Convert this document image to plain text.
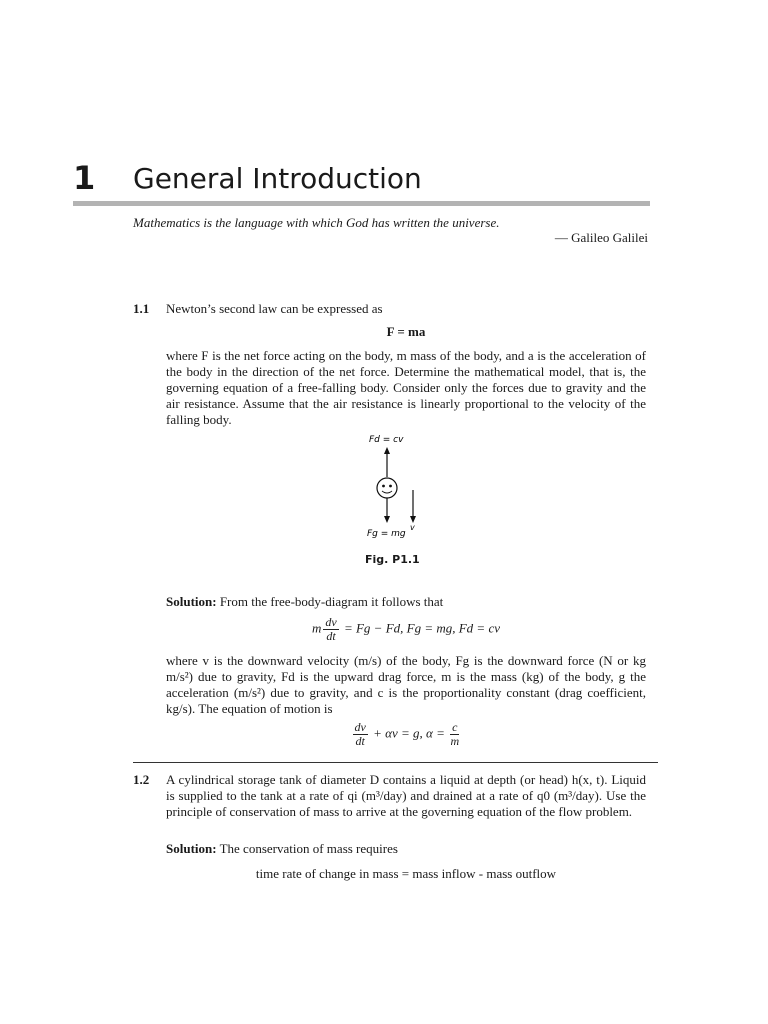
1 General Introduction
Mathematics is the language with which God has written the universe.
— Galileo Galilei
1.1 Newton’s second law can be expressed as
F = ma
where F is the net force acting on the body, m mass of the body, and a is the acceleration of the body in the direction of the net force. Determine the mathematical model, that is, the governing equation of a free-falling body. Consider only the forces due to gravity and the air resistance. Assume that the air resistance is linearly proportional to the velocity of the falling body.
Fd = cv
v
Fg = mg
Fig. P1.1
Solution: From the free-body-diagram it follows that
m $\frac{dv}{dt} = Fg - Fd$, Fg = mg, Fd = cv
where v is the downward velocity (m/s) of the body, Fg is the downward force (N or kg m/s²) due to gravity, Fd is the upward drag force, m is the mass (kg) of the body, g the acceleration (m/s²) due to gravity, and c is the proportionality constant (drag coefficient, kg/s). The equation of motion is
$\frac{dv}{dt} + \alpha v = g$, $\alpha = \frac{c}{m}$
1.2 A cylindrical storage tank of diameter D contains a liquid at depth (or head) h(x, t). Liquid is supplied to the tank at a rate of qi (m³/day) and drained at a rate of q0 (m³/day). Use the principle of conservation of mass to arrive at the governing equation of the flow problem.
Solution: The conservation of mass requires
time rate of change in mass = mass inflow - mass outflow
